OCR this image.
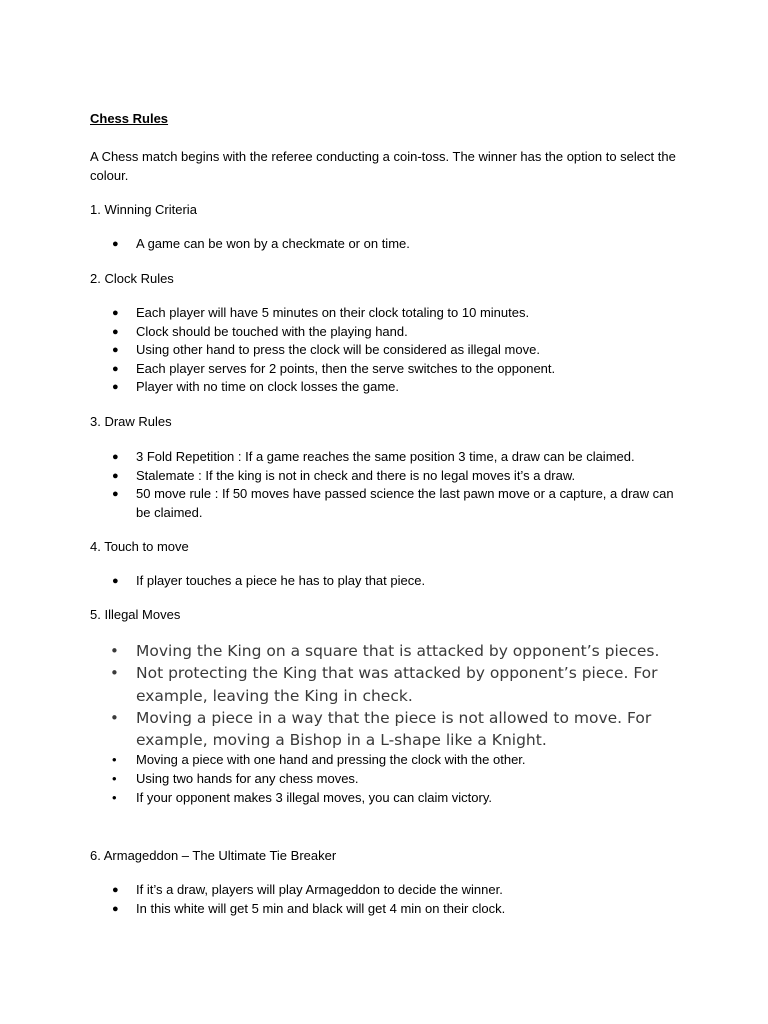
Chess Rules
A Chess match begins with the referee conducting a coin-toss. The winner has the option to select the colour.
1. Winning Criteria
● A game can be won by a checkmate or on time.
2. Clock Rules
● Each player will have 5 minutes on their clock totaling to 10 minutes.
● Clock should be touched with the playing hand.
● Using other hand to press the clock will be considered as illegal move.
● Each player serves for 2 points, then the serve switches to the opponent.
● Player with no time on clock losses the game.
3. Draw Rules
● 3 Fold Repetition : If a game reaches the same position 3 time, a draw can be claimed.
● Stalemate : If the king is not in check and there is no legal moves it’s a draw.
● 50 move rule : If 50 moves have passed science the last pawn move or a capture, a draw can be claimed.
4. Touch to move
● If player touches a piece he has to play that piece.
5. Illegal Moves
• Moving the King on a square that is attacked by opponent’s pieces.
• Not protecting the King that was attacked by opponent’s piece. For example, leaving the King in check.
• Moving a piece in a way that the piece is not allowed to move. For example, moving a Bishop in a L-shape like a Knight.
• Moving a piece with one hand and pressing the clock with the other.
• Using two hands for any chess moves.
• If your opponent makes 3 illegal moves, you can claim victory.
6. Armageddon – The Ultimate Tie Breaker
● If it’s a draw, players will play Armageddon to decide the winner.
● In this white will get 5 min and black will get 4 min on their clock.
